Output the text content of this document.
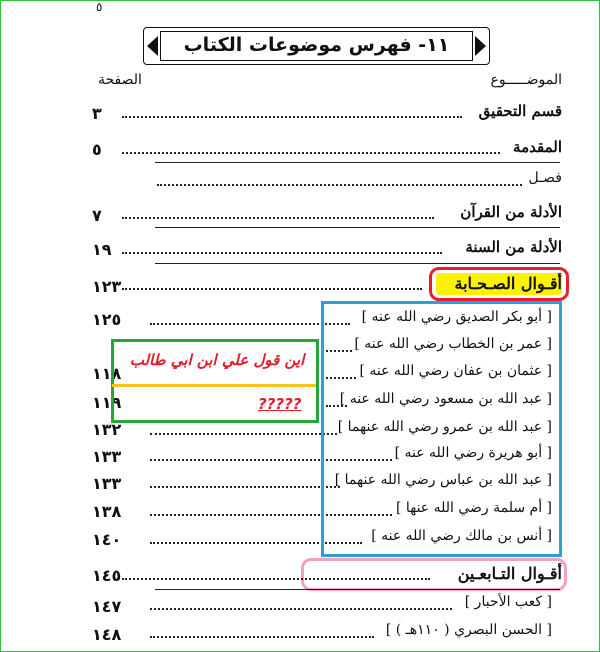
٥
١١- فهرس موضوعات الكتاب
الموضـــــوع
الصفحة
قسم التحقيق
٣
المقدمة
٥
فصـل
الأدلة من القرآن
٧
الأدلة من السنة
١٩
أقـوال الصـحـابة
١٢٣
[ أبو بكر الصديق رضي الله عنه ]
١٢٥
[ عمر بن الخطاب رضي الله عنه ]
[ عثمان بن عفان رضي الله عنه ]
١١٨
[ عبد الله بن مسعود رضي الله عنه ]
١١٩
[ عبد الله بن عمرو رضي الله عنهما ]
١٣٢
[ أبو هريرة رضي الله عنه ]
١٣٣
[ عبد الله بن عباس رضي الله عنهما ]
١٣٣
[ أم سلمة رضي الله عنها ]
١٣٨
[ أنس بن مالك رضي الله عنه ]
١٤٠
أقـوال التـابعـين
١٤٥
[ كعب الأحبار ]
١٤٧
[ الحسن البصري ( ١١٠هـ ) ]
١٤٨
اين قول علي ابن ابي طالب
?????
